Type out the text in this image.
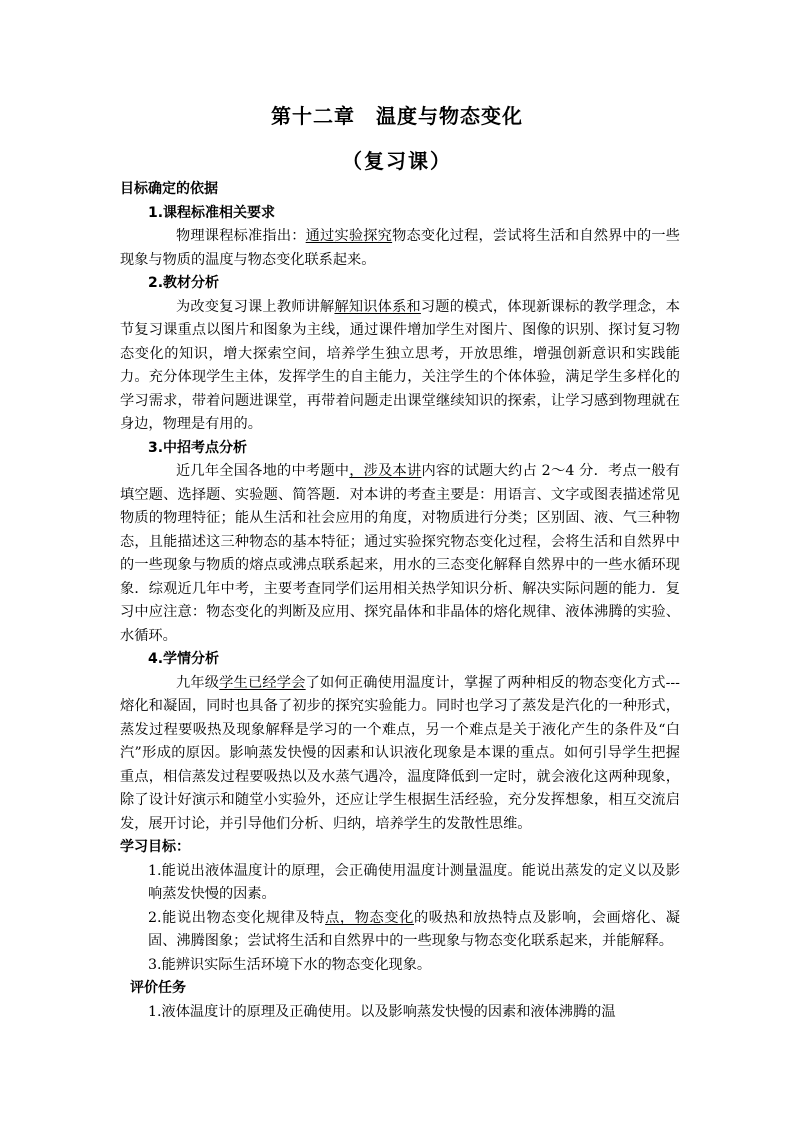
第十二章　温度与物态变化
（复习课）

目标确定的依据

1.课程标准相关要求

物理课程标准指出：通过实验探究物态变化过程，尝试将生活和自然界中的一些现象与物质的温度与物态变化联系起来。

2.教材分析

为改变复习课上教师讲解解知识体系和习题的模式，体现新课标的教学理念，本节复习课重点以图片和图象为主线，通过课件增加学生对图片、图像的识别、探讨复习物态变化的知识，增大探索空间，培养学生独立思考，开放思维，增强创新意识和实践能力。充分体现学生主体，发挥学生的自主能力，关注学生的个体体验，满足学生多样化的学习需求，带着问题进课堂，再带着问题走出课堂继续知识的探索，让学习感到物理就在身边，物理是有用的。

3.中招考点分析

近几年全国各地的中考题中，涉及本讲内容的试题大约占 2～4 分．考点一般有填空题、选择题、实验题、简答题．对本讲的考查主要是：用语言、文字或图表描述常见物质的物理特征；能从生活和社会应用的角度，对物质进行分类；区别固、液、气三种物态，且能描述这三种物态的基本特征；通过实验探究物态变化过程，会将生活和自然界中的一些现象与物质的熔点或沸点联系起来，用水的三态变化解释自然界中的一些水循环现象．综观近几年中考，主要考查同学们运用相关热学知识分析、解决实际问题的能力．复习中应注意：物态变化的判断及应用、探究晶体和非晶体的熔化规律、液体沸腾的实验、水循环。

4.学情分析

九年级学生已经学会了如何正确使用温度计，掌握了两种相反的物态变化方式---熔化和凝固，同时也具备了初步的探究实验能力。同时也学习了蒸发是汽化的一种形式，蒸发过程要吸热及现象解释是学习的一个难点，另一个难点是关于液化产生的条件及“白汽”形成的原因。影响蒸发快慢的因素和认识液化现象是本课的重点。如何引导学生把握重点，相信蒸发过程要吸热以及水蒸气遇冷，温度降低到一定时，就会液化这两种现象，除了设计好演示和随堂小实验外，还应让学生根据生活经验，充分发挥想象，相互交流启发，展开讨论，并引导他们分析、归纳，培养学生的发散性思维。

学习目标：

1.能说出液体温度计的原理，会正确使用温度计测量温度。能说出蒸发的定义以及影响蒸发快慢的因素。

2.能说出物态变化规律及特点，物态变化的吸热和放热特点及影响，会画熔化、凝固、沸腾图象；尝试将生活和自然界中的一些现象与物态变化联系起来，并能解释。

3.能辨识实际生活环境下水的物态变化现象。

评价任务

1.液体温度计的原理及正确使用。以及影响蒸发快慢的因素和液体沸腾的温
